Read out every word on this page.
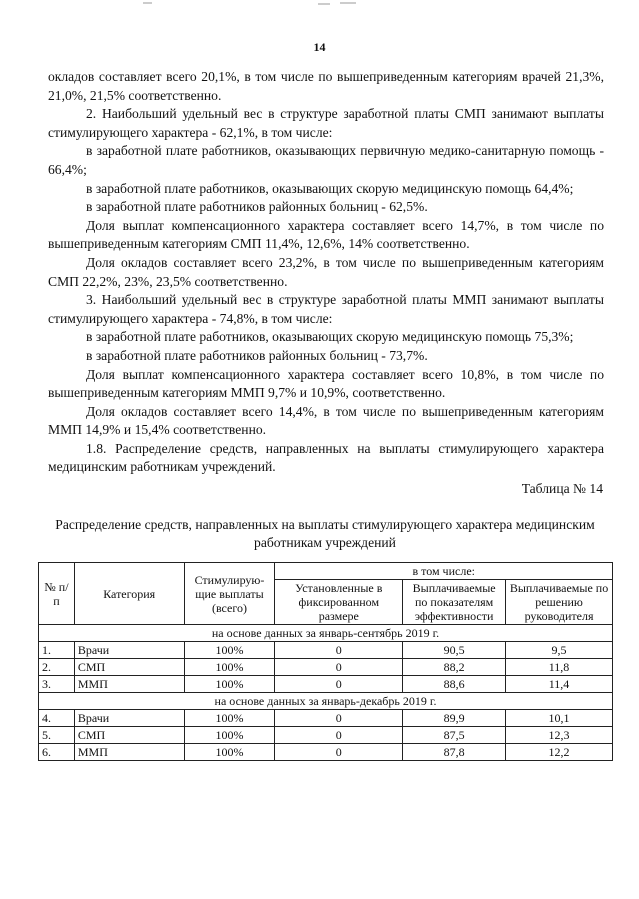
14

окладов составляет всего 20,1%, в том числе по вышеприведенным категориям врачей 21,3%, 21,0%, 21,5% соответственно.

2. Наибольший удельный вес в структуре заработной платы СМП занимают выплаты стимулирующего характера - 62,1%, в том числе:

в заработной плате работников, оказывающих первичную медико-санитарную помощь - 66,4%;

в заработной плате работников, оказывающих скорую медицинскую помощь 64,4%;

в заработной плате работников районных больниц - 62,5%.

Доля выплат компенсационного характера составляет всего 14,7%, в том числе по вышеприведенным категориям СМП 11,4%, 12,6%, 14% соответственно.

Доля окладов составляет всего 23,2%, в том числе по вышеприведенным категориям СМП 22,2%, 23%, 23,5% соответственно.

3. Наибольший удельный вес в структуре заработной платы ММП занимают выплаты стимулирующего характера - 74,8%, в том числе:

в заработной плате работников, оказывающих скорую медицинскую помощь 75,3%;

в заработной плате работников районных больниц - 73,7%.

Доля выплат компенсационного характера составляет всего 10,8%, в том числе по вышеприведенным категориям ММП 9,7% и 10,9%, соответственно.

Доля окладов составляет всего 14,4%, в том числе по вышеприведенным категориям ММП 14,9% и 15,4% соответственно.

1.8. Распределение средств, направленных на выплаты стимулирующего характера медицинским работникам учреждений.

Таблица № 14
Распределение средств, направленных на выплаты стимулирующего характера медицинским работникам учреждений
№ п/п	Категория	Стимулирую-щие выплаты (всего)	в том числе:		
			Установленные в фиксированном размере	Выплачиваемые по показателям эффективности	Выплачиваемые по решению руководителя
на основе данных за январь-сентябрь 2019 г.					
1.	Врачи	100%	0	90,5	9,5
2.	СМП	100%	0	88,2	11,8
3.	ММП	100%	0	88,6	11,4
на основе данных за январь-декабрь 2019 г.					
4.	Врачи	100%	0	89,9	10,1
5.	СМП	100%	0	87,5	12,3
6.	ММП	100%	0	87,8	12,2
